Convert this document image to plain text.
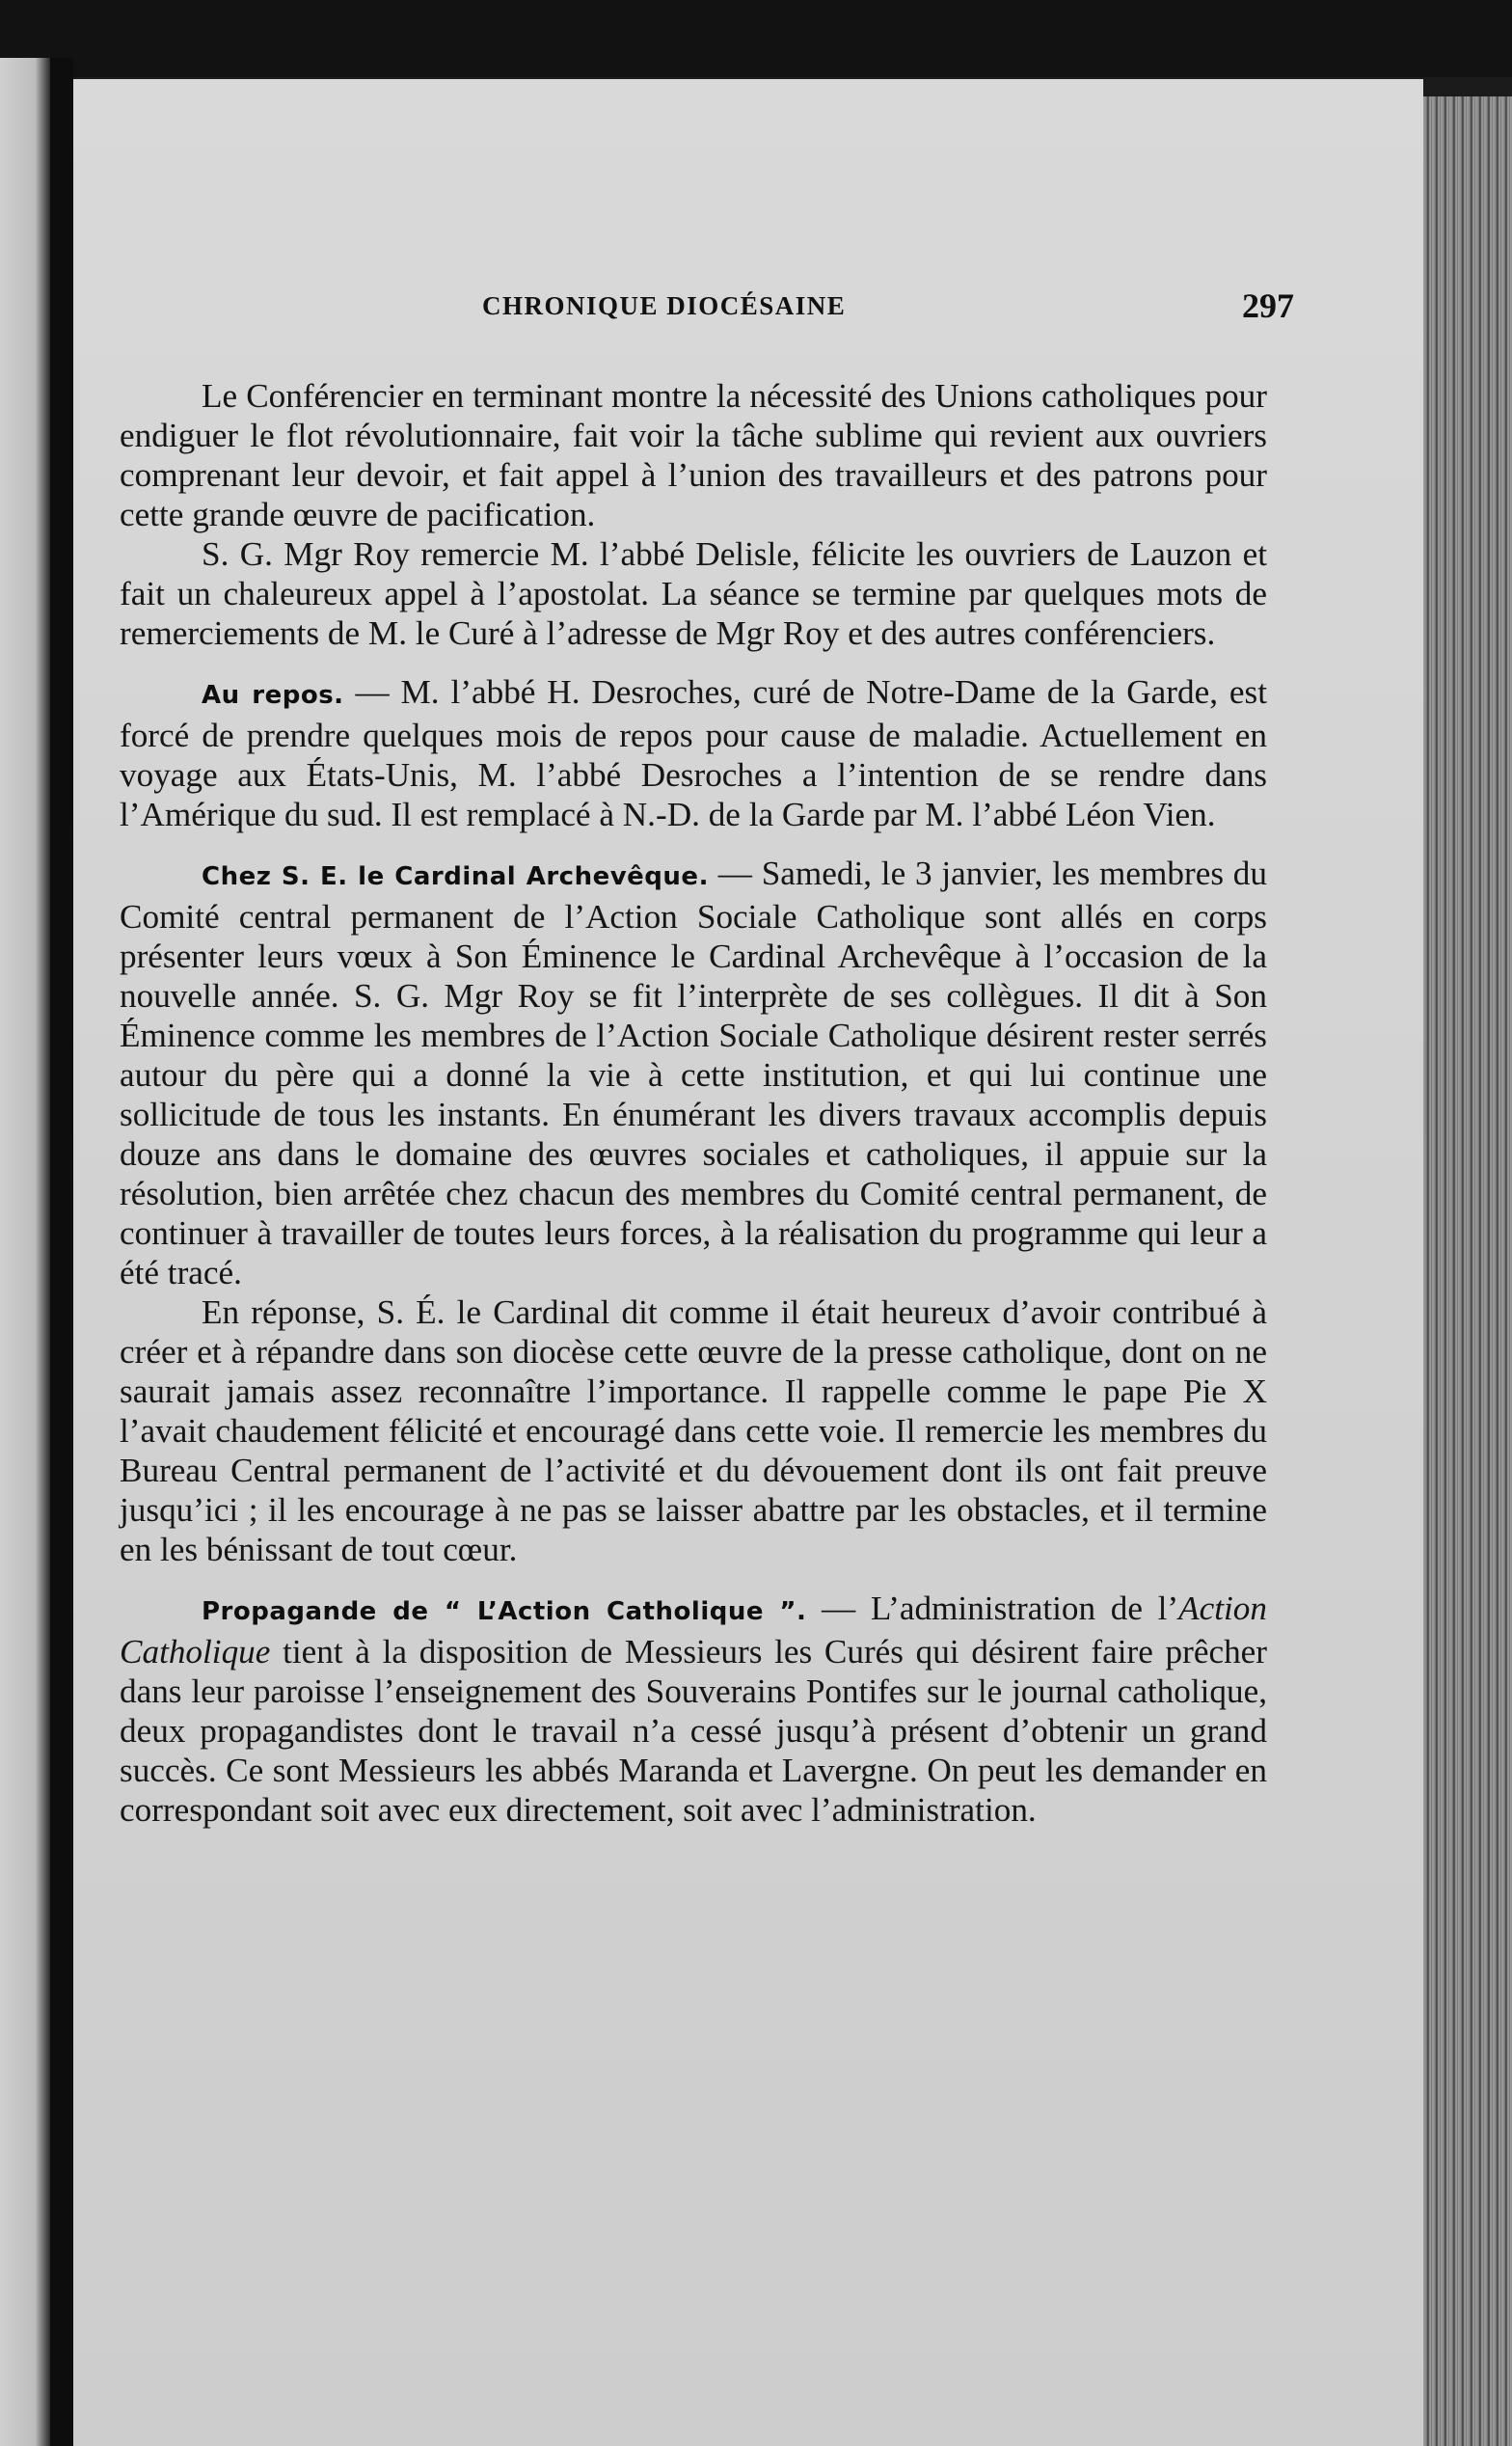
CHRONIQUE DIOCÉSAINE	297

Le Conférencier en terminant montre la nécessité des Unions catholiques pour endiguer le flot révolutionnaire, fait voir la tâche sublime qui revient aux ouvriers comprenant leur devoir, et fait appel à l’union des travailleurs et des patrons pour cette grande œuvre de pacification.

S. G. Mgr Roy remercie M. l’abbé Delisle, félicite les ouvriers de Lauzon et fait un chaleureux appel à l’apostolat. La séance se termine par quelques mots de remerciements de M. le Curé à l’adresse de Mgr Roy et des autres conférenciers.

Au repos. — M. l’abbé H. Desroches, curé de Notre-Dame de la Garde, est forcé de prendre quelques mois de repos pour cause de maladie. Actuellement en voyage aux États-Unis, M. l’abbé Desroches a l’intention de se rendre dans l’Amérique du sud. Il est remplacé à N.-D. de la Garde par M. l’abbé Léon Vien.

Chez S. E. le Cardinal Archevêque. — Samedi, le 3 janvier, les membres du Comité central permanent de l’Action Sociale Catholique sont allés en corps présenter leurs vœux à Son Éminence le Cardinal Archevêque à l’occasion de la nouvelle année. S. G. Mgr Roy se fit l’interprète de ses collègues. Il dit à Son Éminence comme les membres de l’Action Sociale Catholique désirent rester serrés autour du père qui a donné la vie à cette institution, et qui lui continue une sollicitude de tous les instants. En énumérant les divers travaux accomplis depuis douze ans dans le domaine des œuvres sociales et catholiques, il appuie sur la résolution, bien arrêtée chez chacun des membres du Comité central permanent, de continuer à travailler de toutes leurs forces, à la réalisation du programme qui leur a été tracé.

En réponse, S. É. le Cardinal dit comme il était heureux d’avoir contribué à créer et à répandre dans son diocèse cette œuvre de la presse catholique, dont on ne saurait jamais assez reconnaître l’importance. Il rappelle comme le pape Pie X l’avait chaudement félicité et encouragé dans cette voie. Il remercie les membres du Bureau Central permanent de l’activité et du dévouement dont ils ont fait preuve jusqu’ici ; il les encourage à ne pas se laisser abattre par les obstacles, et il termine en les bénissant de tout cœur.

Propagande de “ L’Action Catholique ”. — L’administration de l’Action Catholique tient à la disposition de Messieurs les Curés qui désirent faire prêcher dans leur paroisse l’enseignement des Souverains Pontifes sur le journal catholique, deux propagandistes dont le travail n’a cessé jusqu’à présent d’obtenir un grand succès. Ce sont Messieurs les abbés Maranda et Lavergne. On peut les demander en correspondant soit avec eux directement, soit avec l’administration.
